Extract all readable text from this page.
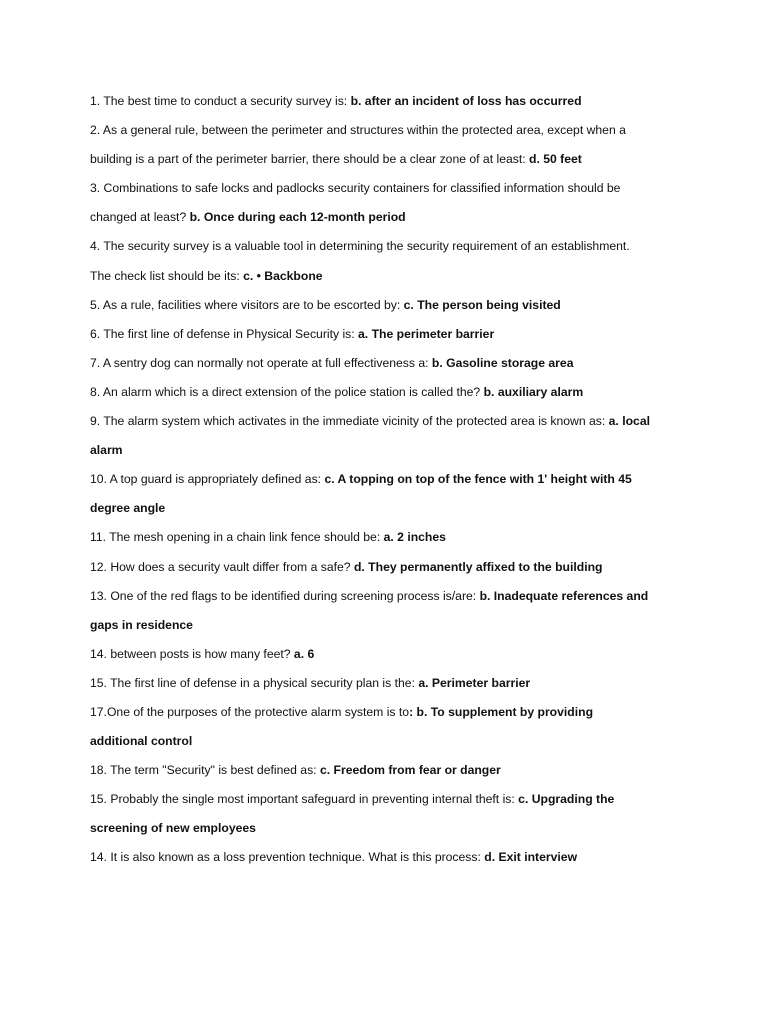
1. The best time to conduct a security survey is: b. after an incident of loss has occurred

2. As a general rule, between the perimeter and structures within the protected area, except when a building is a part of the perimeter barrier, there should be a clear zone of at least: d. 50 feet

3. Combinations to safe locks and padlocks security containers for classified information should be changed at least? b. Once during each 12-month period

4. The security survey is a valuable tool in determining the security requirement of an establishment. The check list should be its: c. • Backbone

5. As a rule, facilities where visitors are to be escorted by: c. The person being visited

6. The first line of defense in Physical Security is: a. The perimeter barrier

7. A sentry dog can normally not operate at full effectiveness a: b. Gasoline storage area

8. An alarm which is a direct extension of the police station is called the? b. auxiliary alarm

9. The alarm system which activates in the immediate vicinity of the protected area is known as: a. local alarm

10. A top guard is appropriately defined as: c. A topping on top of the fence with 1' height with 45 degree angle

11. The mesh opening in a chain link fence should be: a. 2 inches

12. How does a security vault differ from a safe? d. They permanently affixed to the building

13. One of the red flags to be identified during screening process is/are: b. Inadequate references and gaps in residence

14. between posts is how many feet? a. 6

15. The first line of defense in a physical security plan is the: a. Perimeter barrier

17.One of the purposes of the protective alarm system is to: b. To supplement by providing additional control

18. The term "Security" is best defined as: c. Freedom from fear or danger

15. Probably the single most important safeguard in preventing internal theft is: c. Upgrading the screening of new employees

14. It is also known as a loss prevention technique. What is this process: d. Exit interview
